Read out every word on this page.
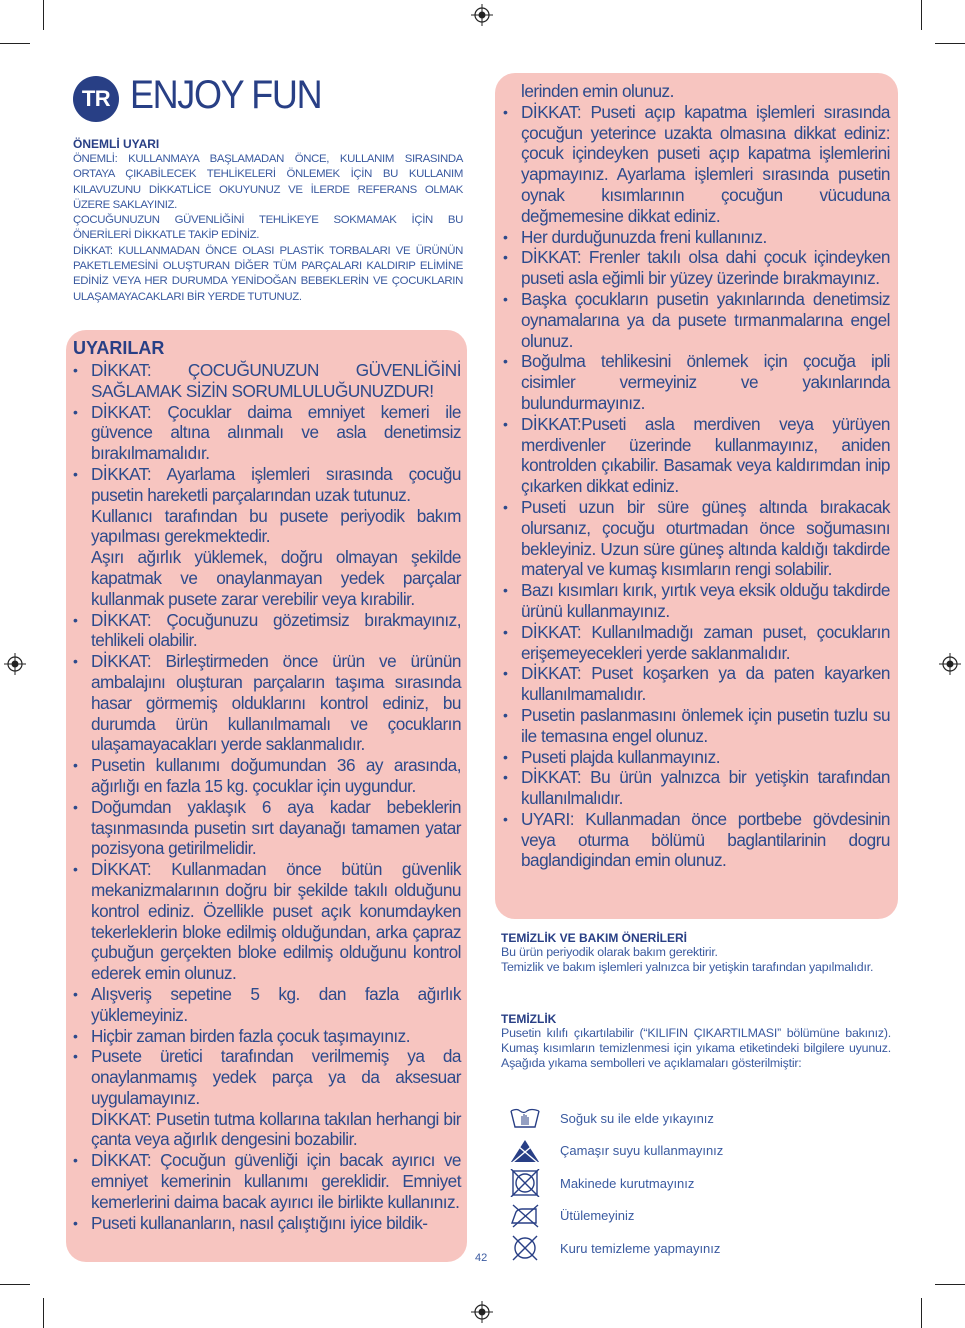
TR ENJOY FUN
ÖNEMLİ UYARI

ÖNEMLİ: KULLANMAYA BAŞLAMADAN ÖNCE, KULLANIM SIRASINDA ORTAYA ÇIKABİLECEK TEHLİKELERİ ÖNLEMEK İÇİN BU KULLANIM KILAVUZUNU DİKKATLİCE OKUYUNUZ VE İLERDE REFERANS OLMAK ÜZERE SAKLAYINIZ.

ÇOCUĞUNUZUN GÜVENLİĞİNİ TEHLİKEYE SOKMAMAK İÇİN BU ÖNERİLERİ DİKKATLE TAKİP EDİNİZ.

DİKKAT: KULLANMADAN ÖNCE OLASI PLASTİK TORBALARI VE ÜRÜNÜN PAKETLEMESİNİ OLUŞTURAN DİĞER TÜM PARÇALARI KALDIRIP ELİMİNE EDİNİZ VEYA HER DURUMDA YENİDOĞAN BEBEKLERİN VE ÇOCUKLARIN ULAŞAMAYACAKLARI BİR YERDE TUTUNUZ.

UYARILAR
• DİKKAT: ÇOCUĞUNUZUN GÜVENLİĞİNİ SAĞLAMAK SİZİN SORUMLULUĞUNUZDUR!
• DİKKAT: Çocuklar daima emniyet kemeri ile güvence altına alınmalı ve asla denetimsiz bırakılmamalıdır.
• DİKKAT: Ayarlama işlemleri sırasında çocuğu pusetin hareketli parçalarından uzak tutunuz.
Kullanıcı tarafından bu pusete periyodik bakım yapılması gerekmektedir.
Aşırı ağırlık yüklemek, doğru olmayan şekilde kapatmak ve onaylanmayan yedek parçalar kullanmak pusete zarar verebilir veya kırabilir.
• DİKKAT: Çocuğunuzu gözetimsiz bırakmayınız, tehlikeli olabilir.
• DİKKAT: Birleştirmeden önce ürün ve ürünün ambalajını oluşturan parçaların taşıma sırasında hasar görmemiş olduklarını kontrol ediniz, bu durumda ürün kullanılmamalı ve çocukların ulaşamayacakları yerde saklanmalıdır.
• Pusetin kullanımı doğumundan 36 ay arasında, ağırlığı en fazla 15 kg. çocuklar için uygundur.
• Doğumdan yaklaşık 6 aya kadar bebeklerin taşınmasında pusetin sırt dayanağı tamamen yatar pozisyona getirilmelidir.
• DİKKAT: Kullanmadan önce bütün güvenlik mekanizmalarının doğru bir şekilde takılı olduğunu kontrol ediniz. Özellikle puset açık konumdayken tekerleklerin bloke edilmiş olduğundan, arka çapraz çubuğun gerçekten bloke edilmiş olduğunu kontrol ederek emin olunuz.
• Alışveriş sepetine 5 kg. dan fazla ağırlık yüklemeyiniz.
• Hiçbir zaman birden fazla çocuk taşımayınız.
• Pusete üretici tarafından verilmemiş ya da onaylanmamış yedek parça ya da aksesuar uygulamayınız.
DİKKAT: Pusetin tutma kollarına takılan herhangi bir çanta veya ağırlık dengesini bozabilir.
• DİKKAT: Çocuğun güvenliği için bacak ayırıcı ve emniyet kemerinin kullanımı gereklidir. Emniyet kemerlerini daima bacak ayırıcı ile birlikte kullanınız.
• Puseti kullananların, nasıl çalıştığını iyice bildik-
lerinden emin olunuz.
• DİKKAT: Puseti açıp kapatma işlemleri sırasında çocuğun yeterince uzakta olmasına dikkat ediniz: çocuk içindeyken puseti açıp kapatma işlemlerini yapmayınız. Ayarlama işlemleri sırasında pusetin oynak kısımlarının çocuğun vücuduna değmemesine dikkat ediniz.
• Her durduğunuzda freni kullanınız.
• DİKKAT: Frenler takılı olsa dahi çocuk içindeyken puseti asla eğimli bir yüzey üzerinde bırakmayınız.
• Başka çocukların pusetin yakınlarında denetimsiz oynamalarına ya da pusete tırmanmalarına engel olunuz.
• Boğulma tehlikesini önlemek için çocuğa ipli cisimler vermeyiniz ve yakınlarında bulundurmayınız.
• DİKKAT:Puseti asla merdiven veya yürüyen merdivenler üzerinde kullanmayınız, aniden kontrolden çıkabilir. Basamak veya kaldırımdan inip çıkarken dikkat ediniz.
• Puseti uzun bir süre güneş altında bırakacak olursanız, çocuğu oturtmadan önce soğumasını bekleyiniz. Uzun süre güneş altında kaldığı takdirde materyal ve kumaş kısımların rengi solabilir.
• Bazı kısımları kırık, yırtık veya eksik olduğu takdirde ürünü kullanmayınız.
• DİKKAT: Kullanılmadığı zaman puset, çocukların erişemeyecekleri yerde saklanmalıdır.
• DİKKAT: Puset koşarken ya da paten kayarken kullanılmamalıdır.
• Pusetin paslanmasını önlemek için pusetin tuzlu su ile temasına engel olunuz.
• Puseti plajda kullanmayınız.
• DİKKAT: Bu ürün yalnızca bir yetişkin tarafından kullanılmalıdır.
• UYARI: Kullanmadan önce portbebe gövdesinin veya oturma bölümü baglantilarinin dogru baglandigindan emin olunuz.
TEMİZLİK VE BAKIM ÖNERİLERİ

Bu ürün periyodik olarak bakım gerektirir.

Temizlik ve bakım işlemleri yalnızca bir yetişkin tarafından yapılmalıdır.

TEMİZLİK

Pusetin kılıfı çıkartılabilir (“KILIFIN ÇIKARTILMASI” bölümüne bakınız). Kumaş kısımların temizlenmesi için yıkama etiketindeki bilgilere uyunuz. Aşağıda yıkama sembolleri ve açıklamaları gösterilmiştir:

Soğuk su ile elde yıkayınız
Çamaşır suyu kullanmayınız
Makinede kurutmayınız
Ütülemeyiniz
Kuru temizleme yapmayınız
42
